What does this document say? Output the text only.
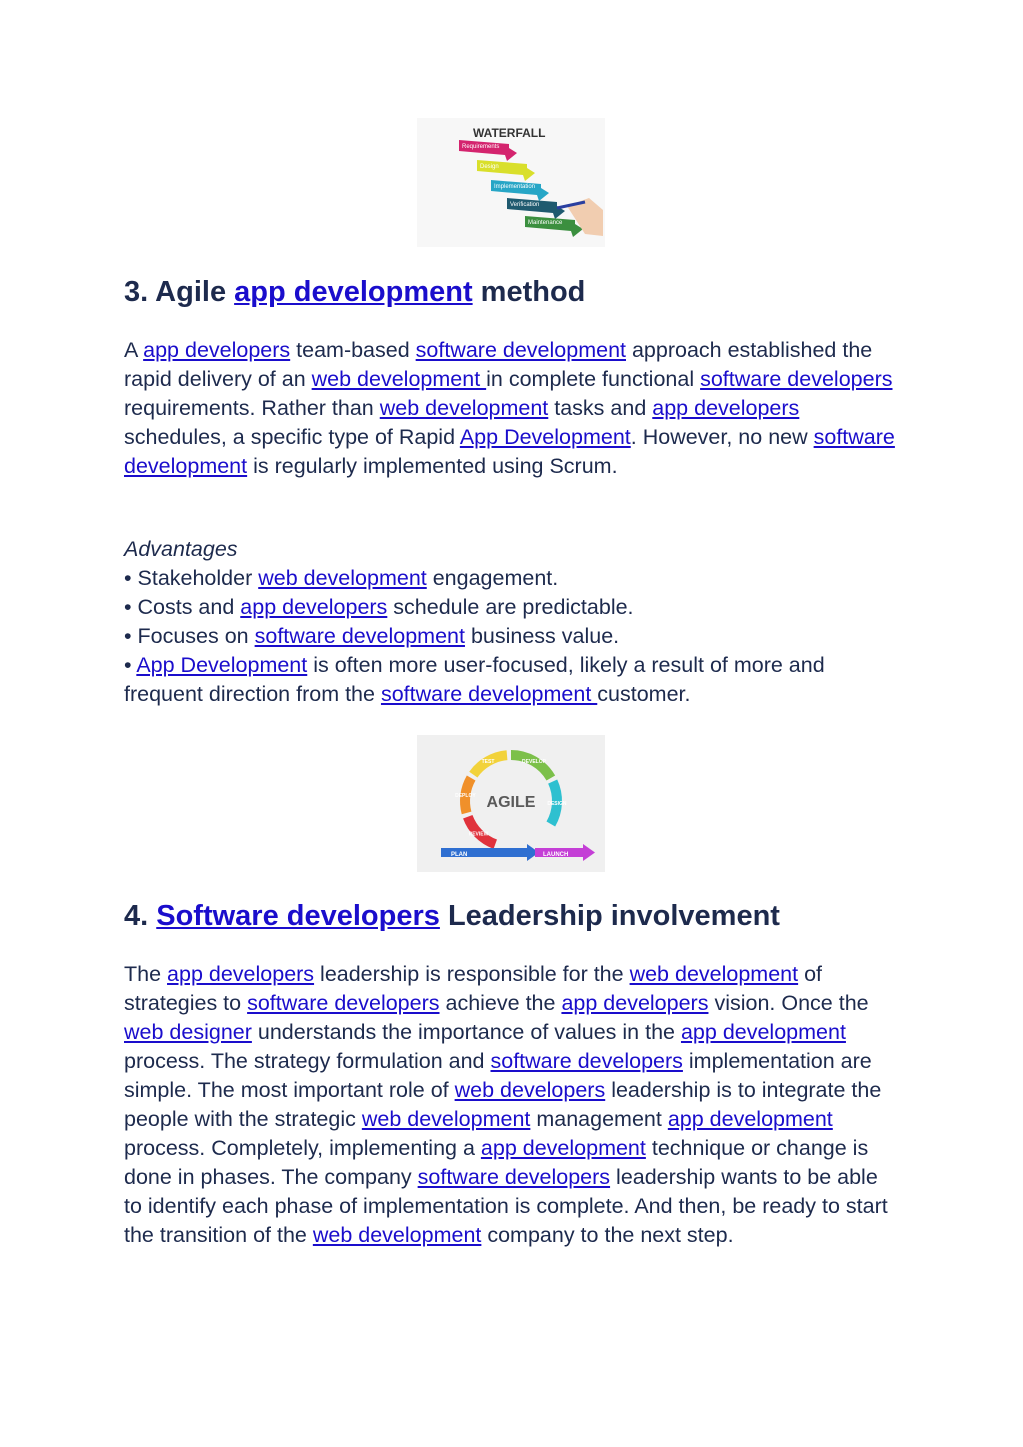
WATERFALL
Requirements
Design
Implementation
Verification
Maintenance
3. Agile app development method

A app developers team-based software development approach established the rapid delivery of an web development in complete functional software developers requirements. Rather than web development tasks and app developers schedules, a specific type of Rapid App Development. However, no new software development is regularly implemented using Scrum.

Advantages

• Stakeholder web development engagement.
• Costs and app developers schedule are predictable.
• Focuses on software development business value.
• App Development is often more user-focused, likely a result of more and frequent direction from the software development customer.
REVIEW
DEPLOY
TEST	DEVELOP
DESIGN
AGILE
PLAN	LAUNCH
4. Software developers Leadership involvement

The app developers leadership is responsible for the web development of strategies to software developers achieve the app developers vision. Once the web designer understands the importance of values in the app development process. The strategy formulation and software developers implementation are simple. The most important role of web developers leadership is to integrate the people with the strategic web development management app development process. Completely, implementing a app development technique or change is done in phases. The company software developers leadership wants to be able to identify each phase of implementation is complete. And then, be ready to start the transition of the web development company to the next step.
